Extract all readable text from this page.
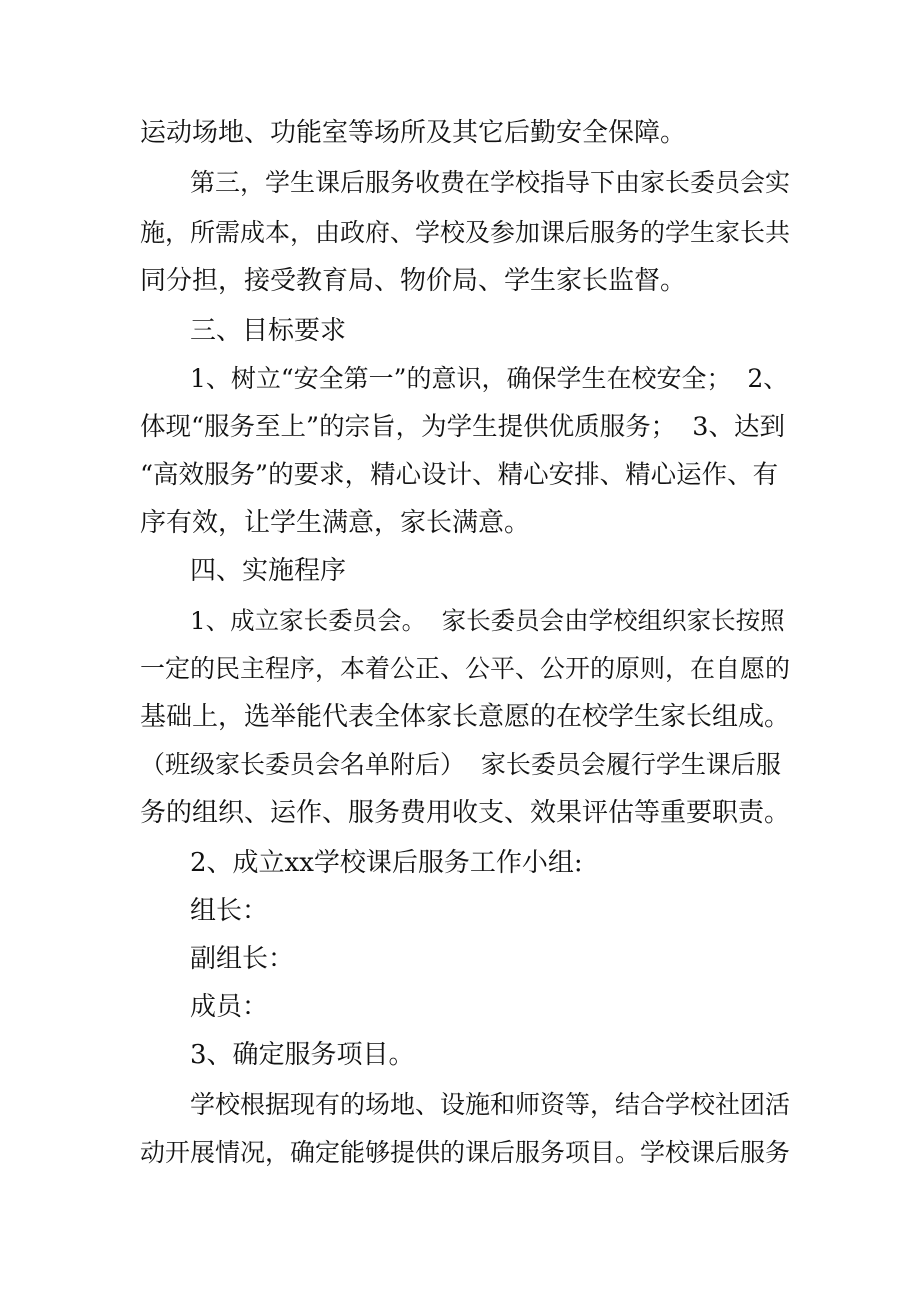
运动场地、功能室等场所及其它后勤安全保障。
第三，学生课后服务收费在学校指导下由家长委员会实
施，所需成本，由政府、学校及参加课后服务的学生家长共
同分担，接受教育局、物价局、学生家长监督。
三、目标要求
1、树立“安全第一”的意识，确保学生在校安全；  2、
体现“服务至上”的宗旨，为学生提供优质服务；  3、达到
“高效服务”的要求，精心设计、精心安排、精心运作、有
序有效，让学生满意，家长满意。
四、实施程序
1、成立家长委员会。  家长委员会由学校组织家长按照
一定的民主程序，本着公正、公平、公开的原则，在自愿的
基础上，选举能代表全体家长意愿的在校学生家长组成。
（班级家长委员会名单附后）  家长委员会履行学生课后服
务的组织、运作、服务费用收支、效果评估等重要职责。
2、成立xx学校课后服务工作小组:
组长：
副组长：
成员：
3、确定服务项目。
学校根据现有的场地、设施和师资等，结合学校社团活
动开展情况，确定能够提供的课后服务项目。学校课后服务
